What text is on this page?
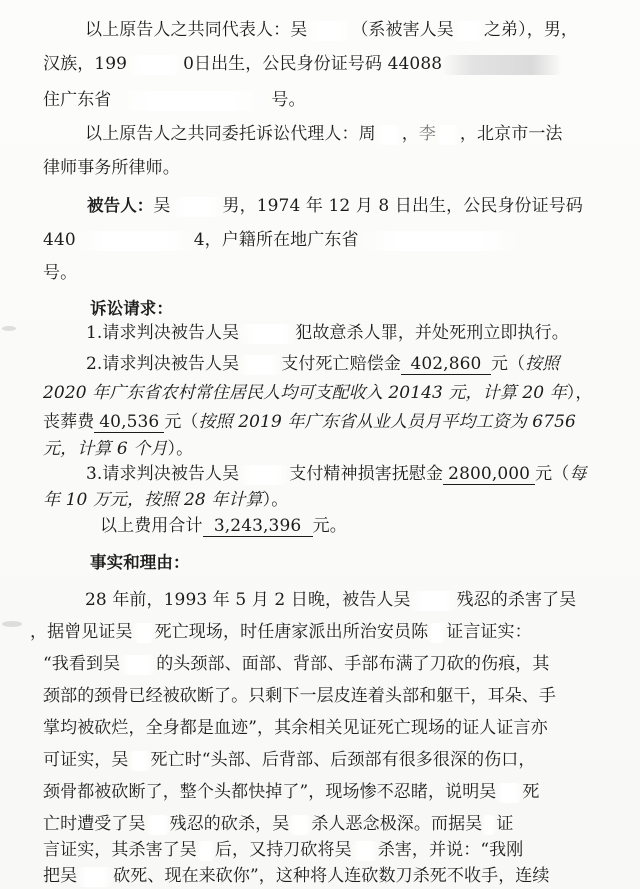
以上原告人之共同代表人：吴	（系被害人吴 之弟），男，
汉族，199	0日出生，公民身份证号码 44088
住广东省	号。
以上原告人之共同委托诉讼代理人：周 ，李 ，北京市一法
律师事务所律师。
被告人：吴	男，1974 年 12 月 8 日出生，公民身份证号码
440	4，户籍所在地广东省
号。
诉讼请求：
1.请求判决被告人吴	犯故意杀人罪，并处死刑立即执行。
2.请求判决被告人吴 支付死亡赔偿金 402,860 元（按照
2020 年广东省农村常住居民人均可支配收入 20143 元，计算 20 年），
丧葬费 40,536 元（按照 2019 年广东省从业人员月平均工资为 6756
元，计算 6 个月）。
3.请求判决被告人吴	支付精神损害抚慰金 2800,000 元（每
年 10 万元，按照 28 年计算）。
以上费用合计 3,243,396 元。
事实和理由：
28 年前，1993 年 5 月 2 日晚，被告人吴	残忍的杀害了吴
，据曾见证吴 死亡现场，时任唐家派出所治安员陈 证言证实：
“我看到吴 的头颈部、面部、背部、手部布满了刀砍的伤痕，其
颈部的颈骨已经被砍断了。只剩下一层皮连着头部和躯干，耳朵、手
掌均被砍烂，全身都是血迹”，其余相关见证死亡现场的证人证言亦
可证实，吴 死亡时“头部、后背部、后颈部有很多很深的伤口，
颈骨都被砍断了，整个头都快掉了”，现场惨不忍睹，说明吴 死
亡时遭受了吴 残忍的砍杀，吴 杀人恶念极深。而据吴 证
言证实，其杀害了吴 后，又持刀砍将吴 杀害，并说：“我刚
把吴 砍死、现在来砍你”，这种将人连砍数刀杀死不收手，连续
